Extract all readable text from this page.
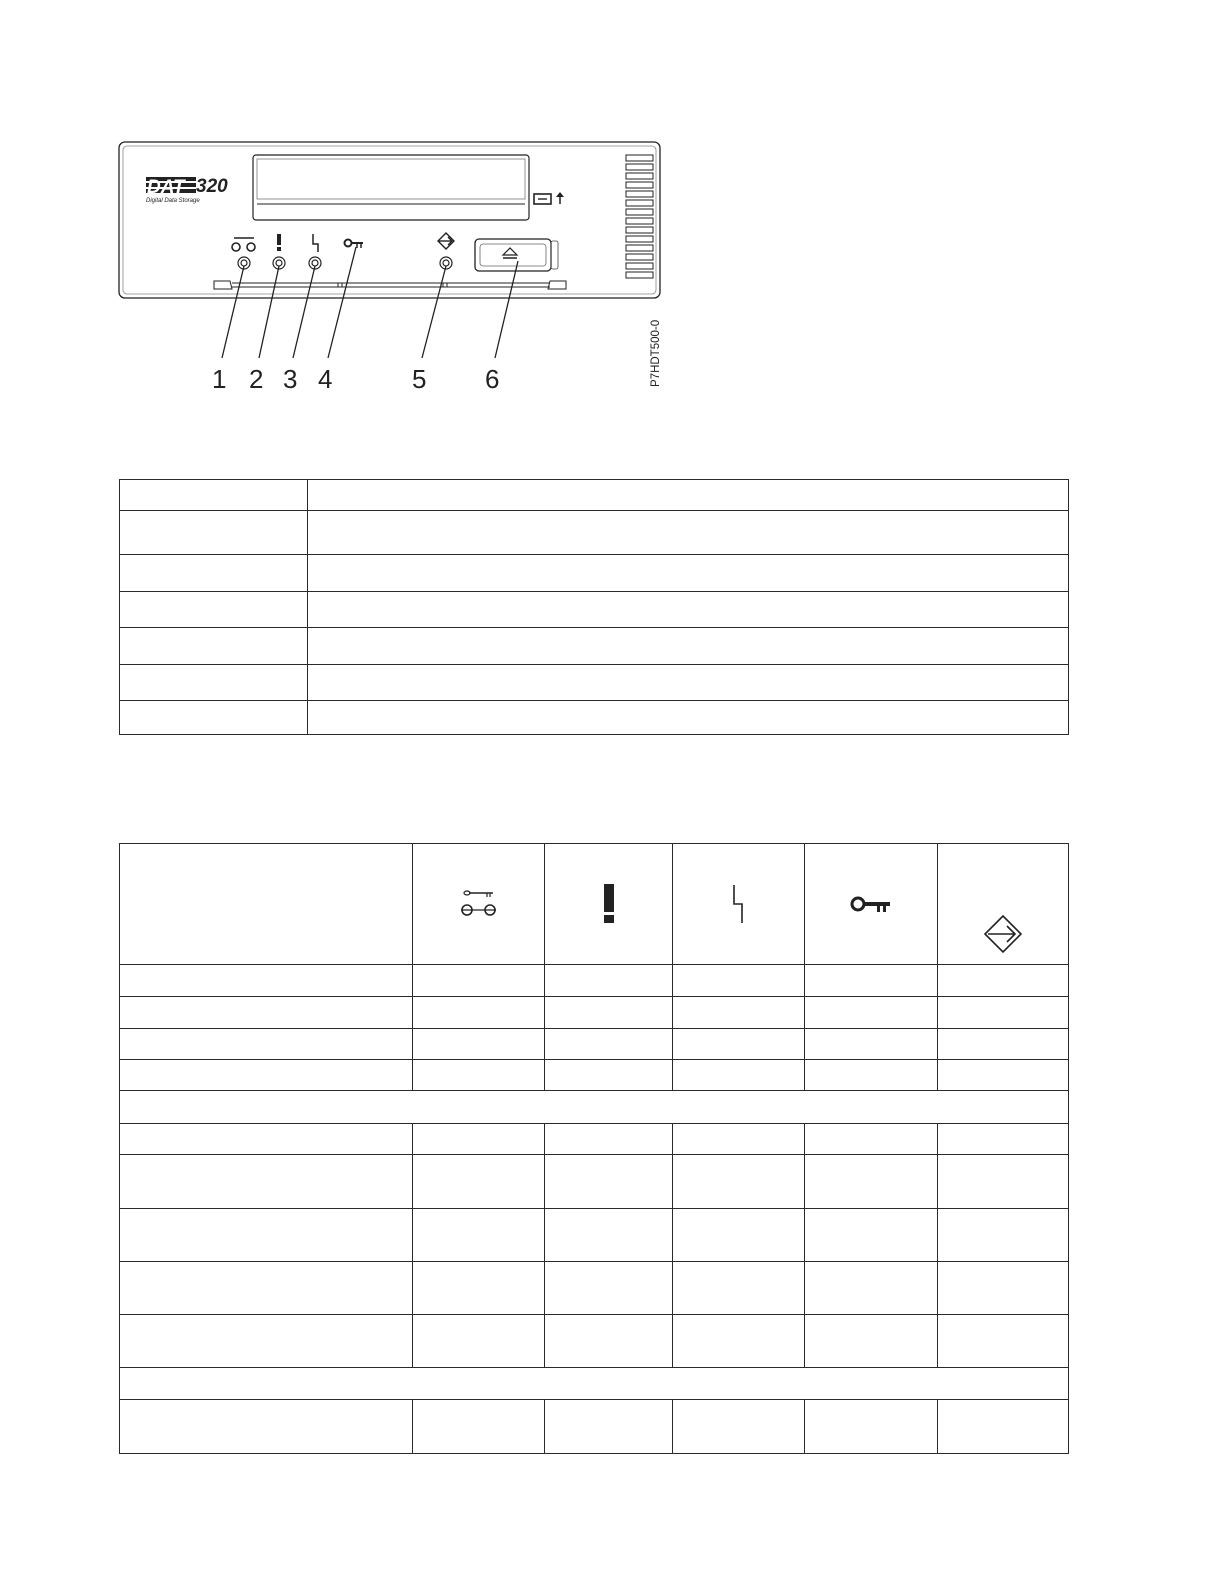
DAT 320
Digital Data Storage
1 2 3 4	5 6	P7HDT500-0
